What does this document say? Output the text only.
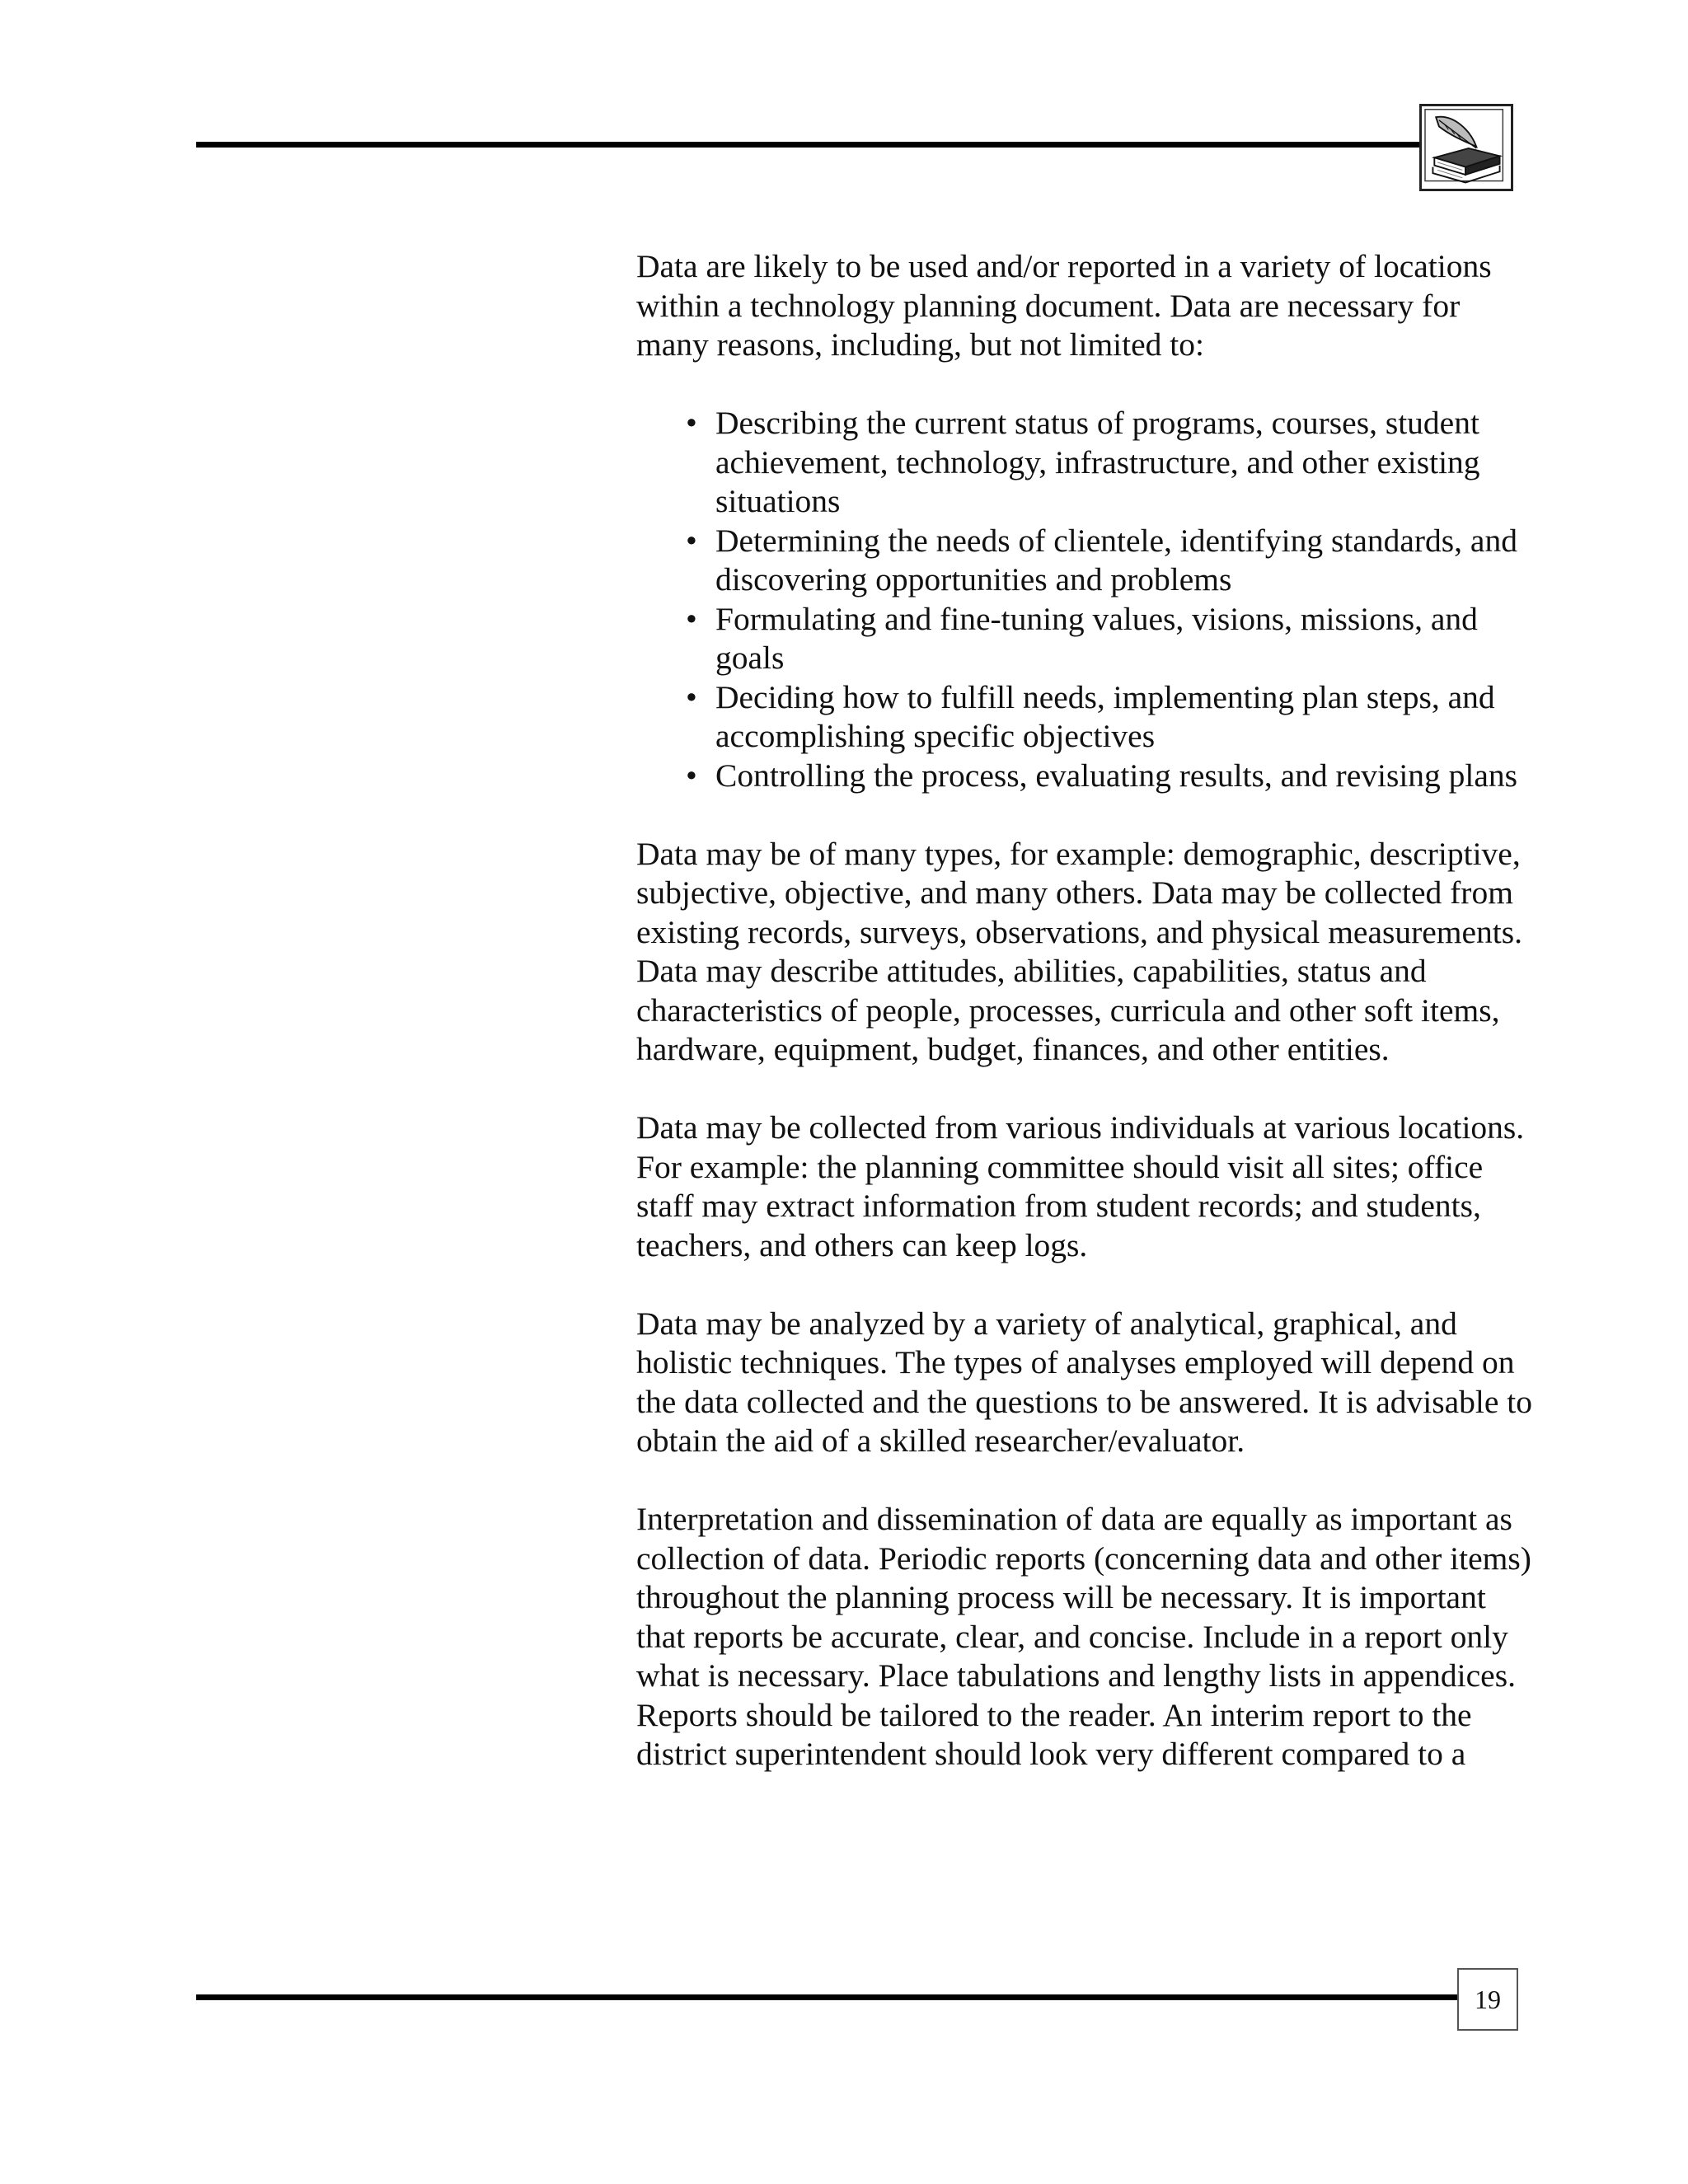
Data are likely to be used and/or reported in a variety of locations within a technology planning document. Data are necessary for many reasons, including, but not limited to:

• Describing the current status of programs, courses, student achievement, technology, infrastructure, and other existing situations
• Determining the needs of clientele, identifying standards, and discovering opportunities and problems
• Formulating and fine-tuning values, visions, missions, and goals
• Deciding how to fulfill needs, implementing plan steps, and accomplishing specific objectives
• Controlling the process, evaluating results, and revising plans

Data may be of many types, for example: demographic, descriptive, subjective, objective, and many others. Data may be collected from existing records, surveys, observations, and physical measurements. Data may describe attitudes, abilities, capabilities, status and characteristics of people, processes, curricula and other soft items, hardware, equipment, budget, finances, and other entities.

Data may be collected from various individuals at various locations. For example: the planning committee should visit all sites; office staff may extract information from student records; and students, teachers, and others can keep logs.

Data may be analyzed by a variety of analytical, graphical, and holistic techniques. The types of analyses employed will depend on the data collected and the questions to be answered. It is advisable to obtain the aid of a skilled researcher/evaluator.

Interpretation and dissemination of data are equally as important as collection of data. Periodic reports (concerning data and other items) throughout the planning process will be necessary. It is important that reports be accurate, clear, and concise. Include in a report only what is necessary. Place tabulations and lengthy lists in appendices. Reports should be tailored to the reader. An interim report to the district superintendent should look very different compared to a

19
